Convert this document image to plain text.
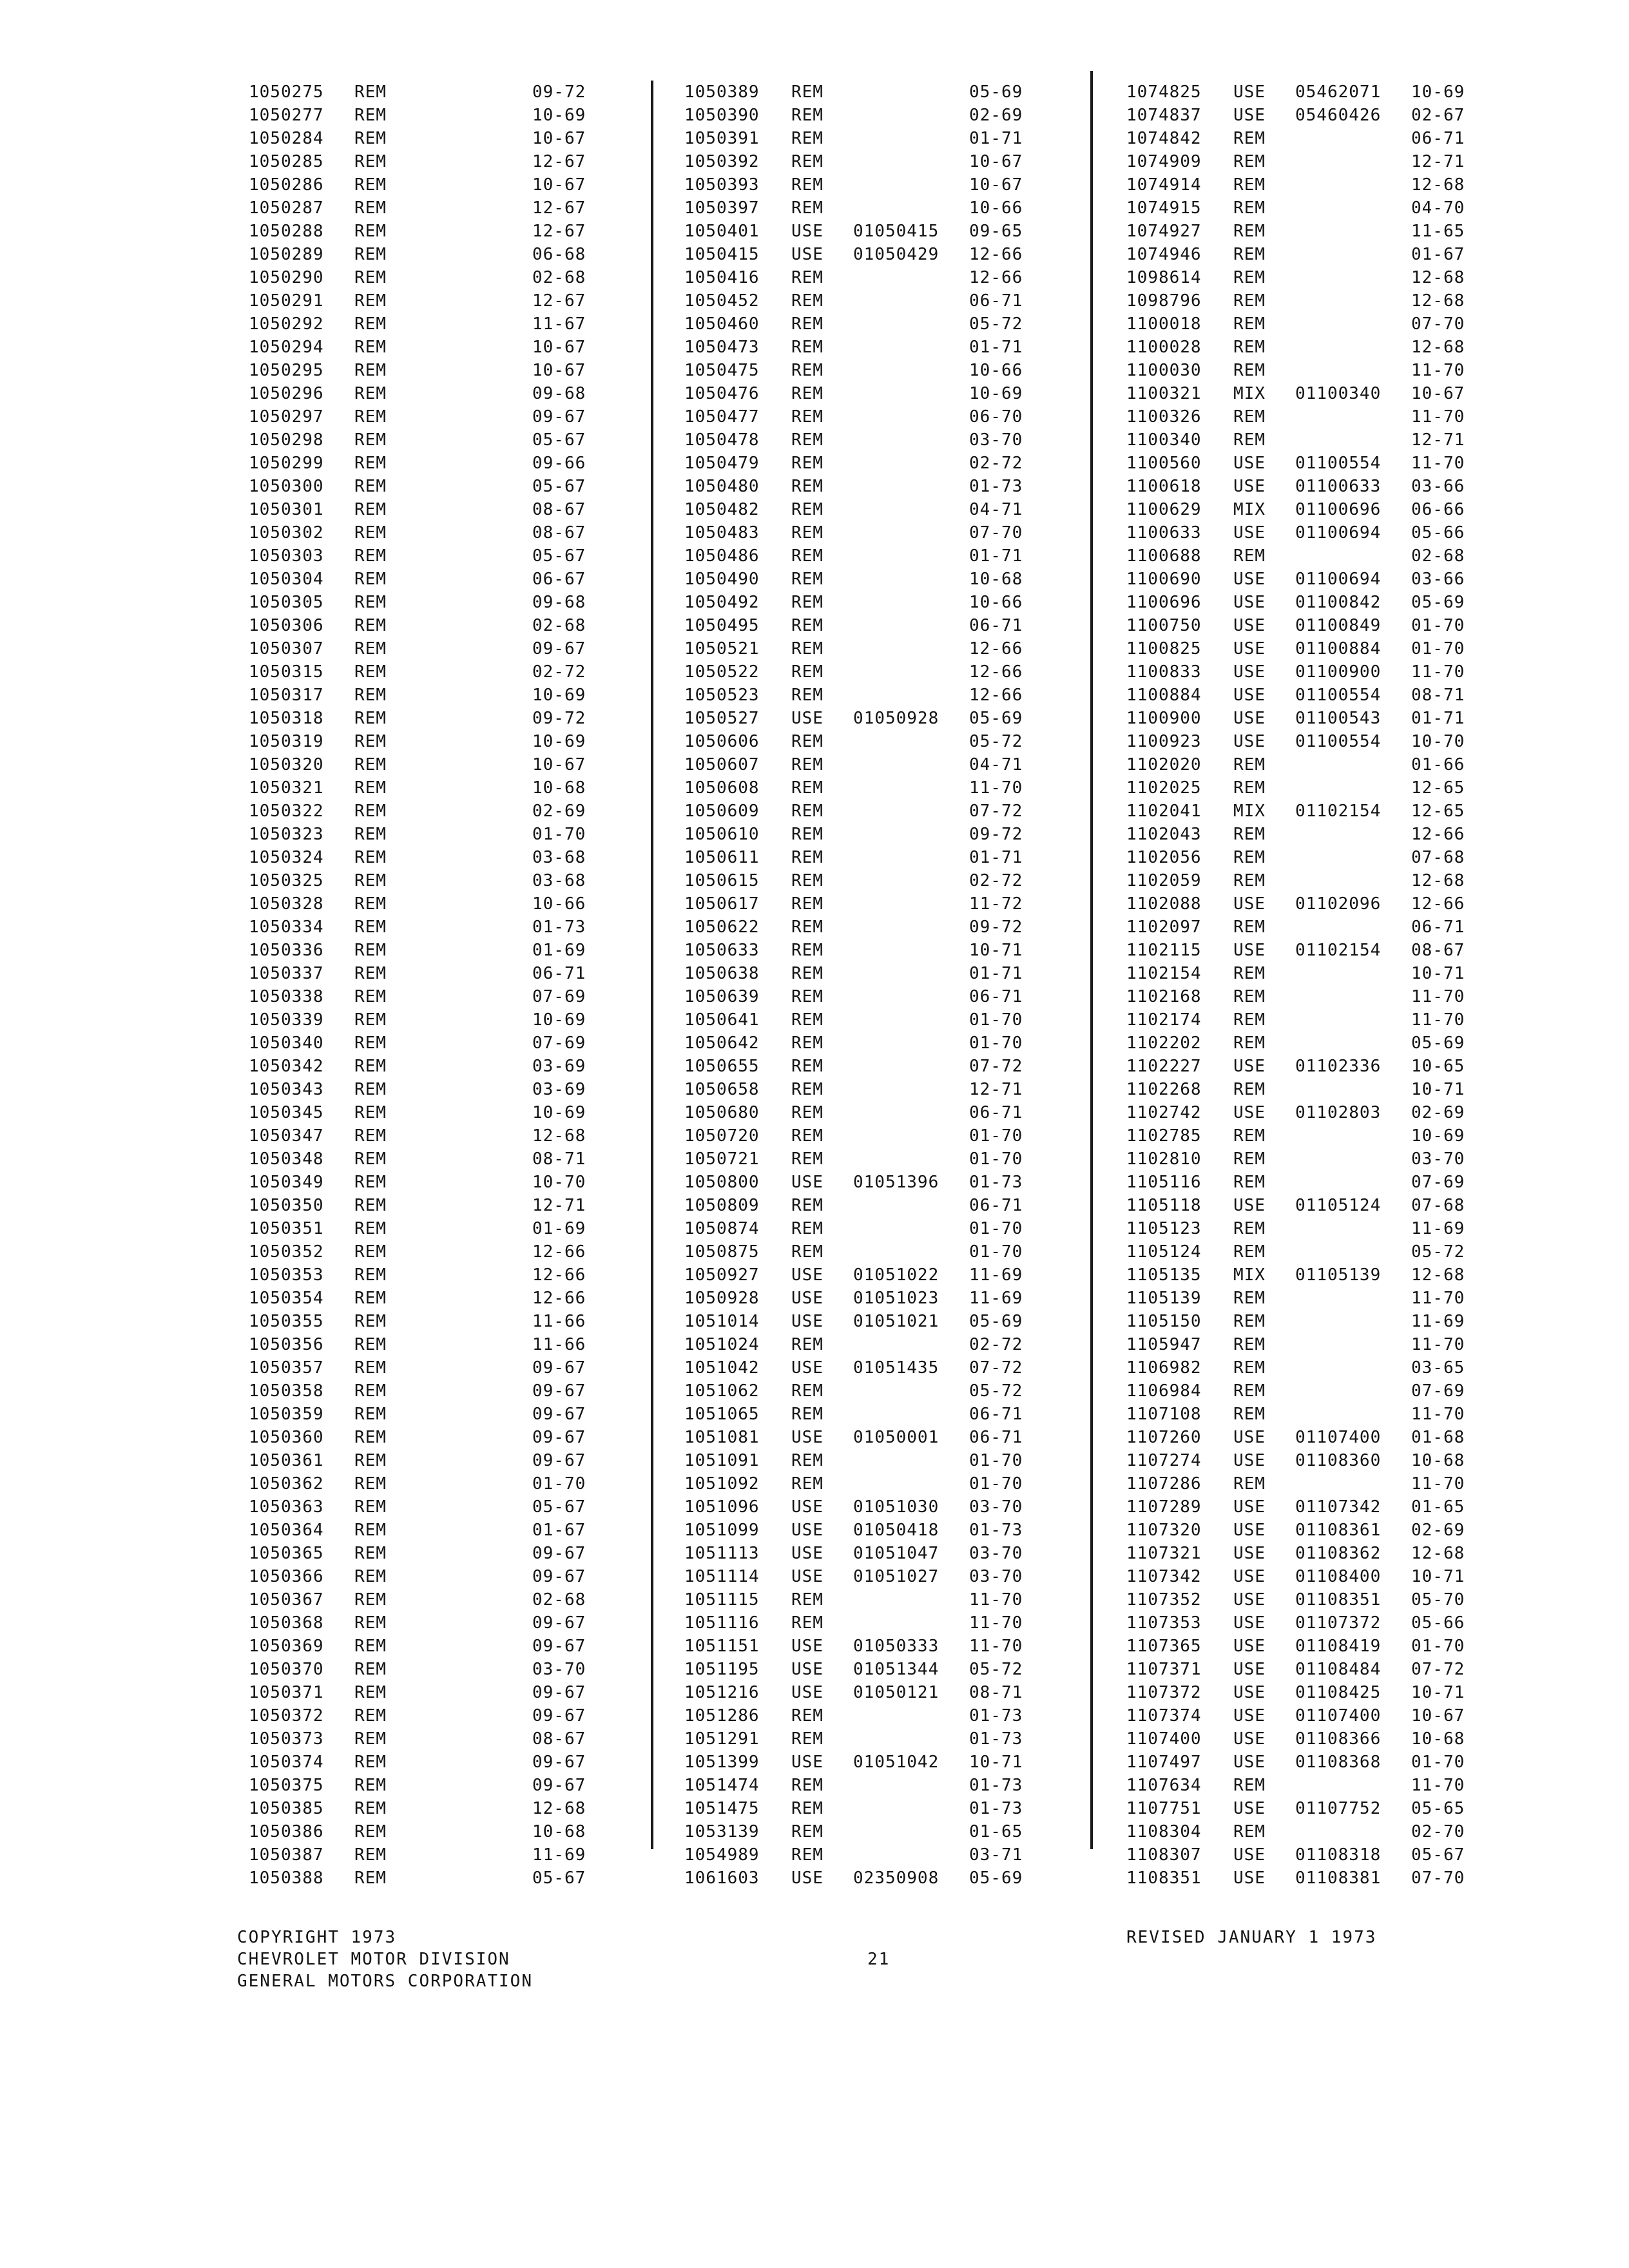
1050275 REM	09-72
1050277 REM	10-69
1050284 REM	10-67
1050285 REM	12-67
1050286 REM	10-67
1050287 REM	12-67
1050288 REM	12-67
1050289 REM	06-68
1050290 REM	02-68
1050291 REM	12-67
1050292 REM	11-67
1050294 REM	10-67
1050295 REM	10-67
1050296 REM	09-68
1050297 REM	09-67
1050298 REM	05-67
1050299 REM	09-66
1050300 REM	05-67
1050301 REM	08-67
1050302 REM	08-67
1050303 REM	05-67
1050304 REM	06-67
1050305 REM	09-68
1050306 REM	02-68
1050307 REM	09-67
1050315 REM	02-72
1050317 REM	10-69
1050318 REM	09-72
1050319 REM	10-69
1050320 REM	10-67
1050321 REM	10-68
1050322 REM	02-69
1050323 REM	01-70
1050324 REM	03-68
1050325 REM	03-68
1050328 REM	10-66
1050334 REM	01-73
1050336 REM	01-69
1050337 REM	06-71
1050338 REM	07-69
1050339 REM	10-69
1050340 REM	07-69
1050342 REM	03-69
1050343 REM	03-69
1050345 REM	10-69
1050347 REM	12-68
1050348 REM	08-71
1050349 REM	10-70
1050350 REM	12-71
1050351 REM	01-69
1050352 REM	12-66
1050353 REM	12-66
1050354 REM	12-66
1050355 REM	11-66
1050356 REM	11-66
1050357 REM	09-67
1050358 REM	09-67
1050359 REM	09-67
1050360 REM	09-67
1050361 REM	09-67
1050362 REM	01-70
1050363 REM	05-67
1050364 REM	01-67
1050365 REM	09-67
1050366 REM	09-67
1050367 REM	02-68
1050368 REM	09-67
1050369 REM	09-67
1050370 REM	03-70
1050371 REM	09-67
1050372 REM	09-67
1050373 REM	08-67
1050374 REM	09-67
1050375 REM	09-67
1050385 REM	12-68
1050386 REM	10-68
1050387 REM	11-69
1050388 REM	05-67
1050389 REM	05-69
1050390 REM	02-69
1050391 REM	01-71
1050392 REM	10-67
1050393 REM	10-67
1050397 REM	10-66
1050401 USE 01050415 09-65
1050415 USE 01050429 12-66
1050416 REM	12-66
1050452 REM	06-71
1050460 REM	05-72
1050473 REM	01-71
1050475 REM	10-66
1050476 REM	10-69
1050477 REM	06-70
1050478 REM	03-70
1050479 REM	02-72
1050480 REM	01-73
1050482 REM	04-71
1050483 REM	07-70
1050486 REM	01-71
1050490 REM	10-68
1050492 REM	10-66
1050495 REM	06-71
1050521 REM	12-66
1050522 REM	12-66
1050523 REM	12-66
1050527 USE 01050928 05-69
1050606 REM	05-72
1050607 REM	04-71
1050608 REM	11-70
1050609 REM	07-72
1050610 REM	09-72
1050611 REM	01-71
1050615 REM	02-72
1050617 REM	11-72
1050622 REM	09-72
1050633 REM	10-71
1050638 REM	01-71
1050639 REM	06-71
1050641 REM	01-70
1050642 REM	01-70
1050655 REM	07-72
1050658 REM	12-71
1050680 REM	06-71
1050720 REM	01-70
1050721 REM	01-70
1050800 USE 01051396 01-73
1050809 REM	06-71
1050874 REM	01-70
1050875 REM	01-70
1050927 USE 01051022 11-69
1050928 USE 01051023 11-69
1051014 USE 01051021 05-69
1051024 REM	02-72
1051042 USE 01051435 07-72
1051062 REM	05-72
1051065 REM	06-71
1051081 USE 01050001 06-71
1051091 REM	01-70
1051092 REM	01-70
1051096 USE 01051030 03-70
1051099 USE 01050418 01-73
1051113 USE 01051047 03-70
1051114 USE 01051027 03-70
1051115 REM	11-70
1051116 REM	11-70
1051151 USE 01050333 11-70
1051195 USE 01051344 05-72
1051216 USE 01050121 08-71
1051286 REM	01-73
1051291 REM	01-73
1051399 USE 01051042 10-71
1051474 REM	01-73
1051475 REM	01-73
1053139 REM	01-65
1054989 REM	03-71
1061603 USE 02350908 05-69
1074825 USE 05462071 10-69
1074837 USE 05460426 02-67
1074842 REM	06-71
1074909 REM	12-71
1074914 REM	12-68
1074915 REM	04-70
1074927 REM	11-65
1074946 REM	01-67
1098614 REM	12-68
1098796 REM	12-68
1100018 REM	07-70
1100028 REM	12-68
1100030 REM	11-70
1100321 MIX 01100340 10-67
1100326 REM	11-70
1100340 REM	12-71
1100560 USE 01100554 11-70
1100618 USE 01100633 03-66
1100629 MIX 01100696 06-66
1100633 USE 01100694 05-66
1100688 REM	02-68
1100690 USE 01100694 03-66
1100696 USE 01100842 05-69
1100750 USE 01100849 01-70
1100825 USE 01100884 01-70
1100833 USE 01100900 11-70
1100884 USE 01100554 08-71
1100900 USE 01100543 01-71
1100923 USE 01100554 10-70
1102020 REM	01-66
1102025 REM	12-65
1102041 MIX 01102154 12-65
1102043 REM	12-66
1102056 REM	07-68
1102059 REM	12-68
1102088 USE 01102096 12-66
1102097 REM	06-71
1102115 USE 01102154 08-67
1102154 REM	10-71
1102168 REM	11-70
1102174 REM	11-70
1102202 REM	05-69
1102227 USE 01102336 10-65
1102268 REM	10-71
1102742 USE 01102803 02-69
1102785 REM	10-69
1102810 REM	03-70
1105116 REM	07-69
1105118 USE 01105124 07-68
1105123 REM	11-69
1105124 REM	05-72
1105135 MIX 01105139 12-68
1105139 REM	11-70
1105150 REM	11-69
1105947 REM	11-70
1106982 REM	03-65
1106984 REM	07-69
1107108 REM	11-70
1107260 USE 01107400 01-68
1107274 USE 01108360 10-68
1107286 REM	11-70
1107289 USE 01107342 01-65
1107320 USE 01108361 02-69
1107321 USE 01108362 12-68
1107342 USE 01108400 10-71
1107352 USE 01108351 05-70
1107353 USE 01107372 05-66
1107365 USE 01108419 01-70
1107371 USE 01108484 07-72
1107372 USE 01108425 10-71
1107374 USE 01107400 10-67
1107400 USE 01108366 10-68
1107497 USE 01108368 01-70
1107634 REM	11-70
1107751 USE 01107752 05-65
1108304 REM	02-70
1108307 USE 01108318 05-67
1108351 USE 01108381 07-70
COPYRIGHT 1973
CHEVROLET MOTOR DIVISION
GENERAL MOTORS CORPORATION
21
REVISED JANUARY 1 1973
